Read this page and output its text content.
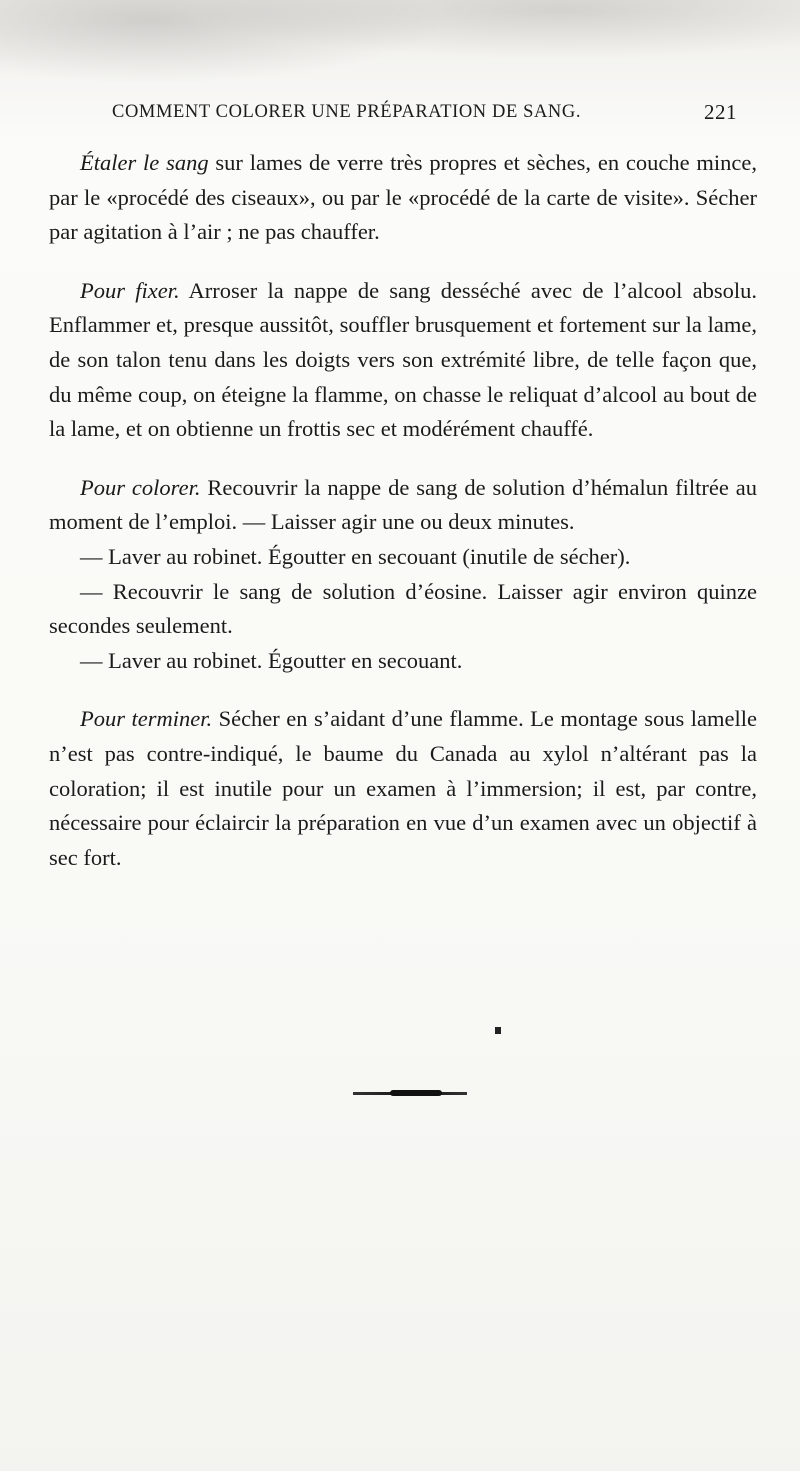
COMMENT COLORER UNE PRÉPARATION DE SANG.	221

Étaler le sang sur lames de verre très propres et sèches, en couche mince, par le «procédé des ciseaux», ou par le «procédé de la carte de visite». Sécher par agitation à l’air ; ne pas chauffer.

Pour fixer. Arroser la nappe de sang desséché avec de l’alcool absolu. Enflammer et, presque aussitôt, souffler brusquement et fortement sur la lame, de son talon tenu dans les doigts vers son extrémité libre, de telle façon que, du même coup, on éteigne la flamme, on chasse le reliquat d’alcool au bout de la lame, et on obtienne un frottis sec et modérément chauffé.

Pour colorer. Recouvrir la nappe de sang de solution d’hémalun filtrée au moment de l’emploi. — Laisser agir une ou deux minutes.

— Laver au robinet. Égoutter en secouant (inutile de sécher).

— Recouvrir le sang de solution d’éosine. Laisser agir environ quinze secondes seulement.

— Laver au robinet. Égoutter en secouant.

Pour terminer. Sécher en s’aidant d’une flamme. Le montage sous lamelle n’est pas contre-indiqué, le baume du Canada au xylol n’altérant pas la coloration; il est inutile pour un examen à l’immersion; il est, par contre, nécessaire pour éclaircir la préparation en vue d’un examen avec un objectif à sec fort.
